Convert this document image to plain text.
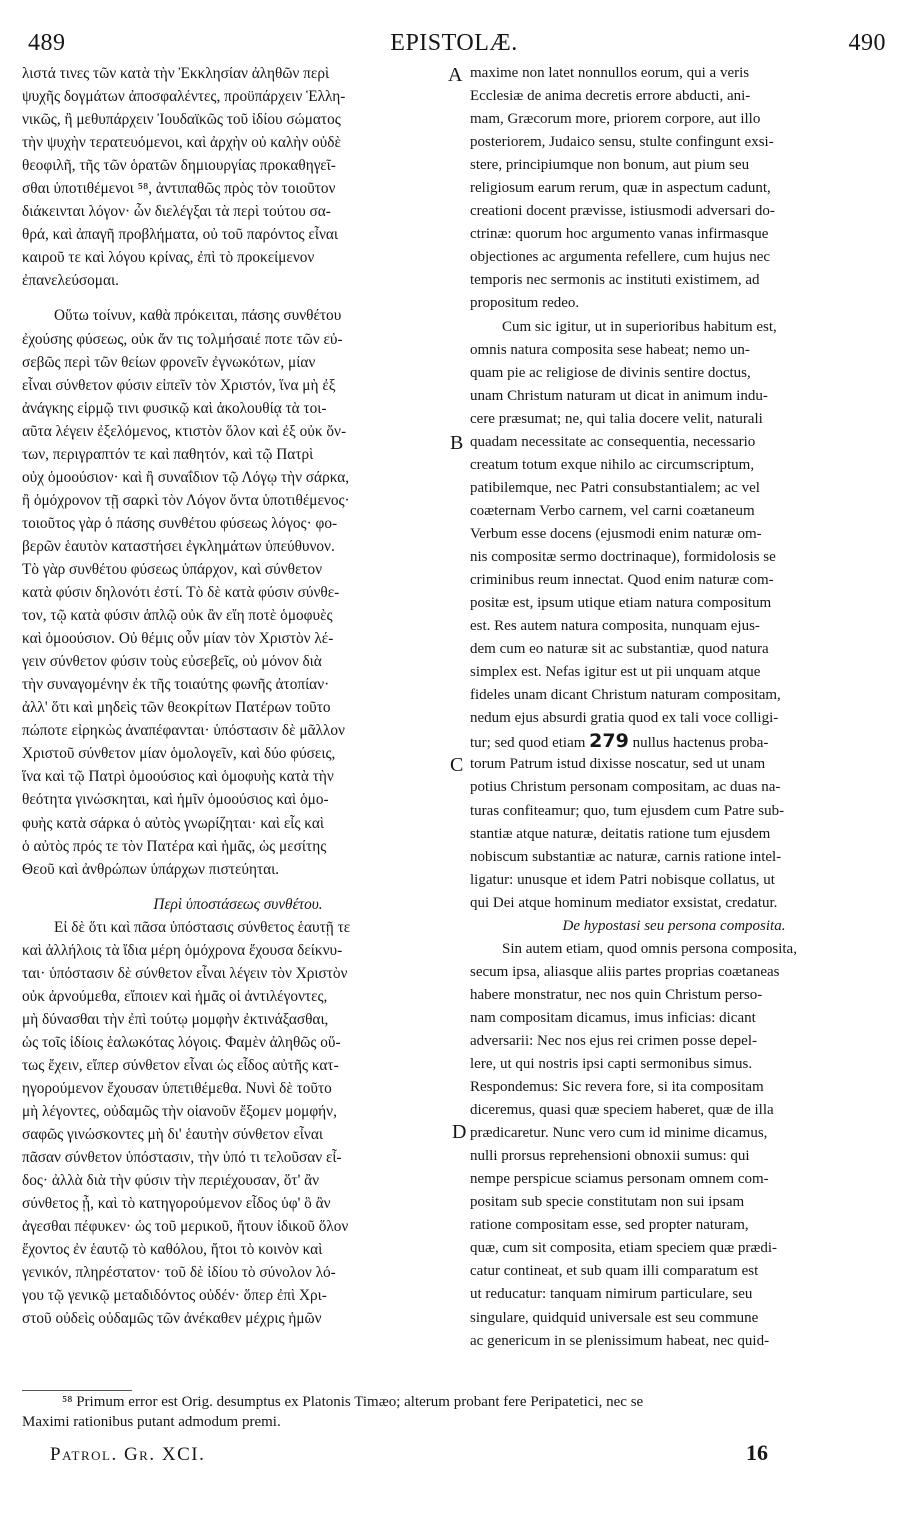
489	EPISTOLÆ.	490
A
B
C
D
λιστά τινες τῶν κατὰ τὴν Ἐκκλησίαν ἀληθῶν περὶ
ψυχῆς δογμάτων ἀποσφαλέντες, προϋπάρχειν Ἑλλη-
νικῶς, ἢ μεθυπάρχειν Ἰουδαϊκῶς τοῦ ἰδίου σώματος
τὴν ψυχὴν τερατευόμενοι, καὶ ἀρχὴν οὐ καλὴν οὐδὲ
θεοφιλῆ, τῆς τῶν ὁρατῶν δημιουργίας προκαθηγεῖ-
σθαι ὑποτιθέμενοι ⁵⁸, ἀντιπαθῶς πρὸς τὸν τοιοῦτον
διάκεινται λόγον· ὧν διελέγξαι τὰ περὶ τούτου σα-
θρά, καὶ ἀπαγῆ προβλήματα, οὐ τοῦ παρόντος εἶναι
καιροῦ τε καὶ λόγου κρίνας, ἐπὶ τὸ προκείμενον
ἐπανελεύσομαι.
Οὕτω τοίνυν, καθὰ πρόκειται, πάσης συνθέτου
ἐχούσης φύσεως, οὐκ ἄν τις τολμήσαιέ ποτε τῶν εὐ-
σεβῶς περὶ τῶν θείων φρονεῖν ἐγνωκότων, μίαν
εἶναι σύνθετον φύσιν εἰπεῖν τὸν Χριστόν, ἵνα μὴ ἐξ
ἀνάγκης εἱρμῷ τινι φυσικῷ καὶ ἀκολουθίᾳ τὰ τοι-
αῦτα λέγειν ἐξελόμενος, κτιστὸν ὅλον καὶ ἐξ οὐκ ὄν-
των, περιγραπτόν τε καὶ παθητόν, καὶ τῷ Πατρὶ
οὐχ ὁμοούσιον· καὶ ἢ συναΐδιον τῷ Λόγῳ τὴν σάρκα,
ἢ ὁμόχρονον τῇ σαρκὶ τὸν Λόγον ὄντα ὑποτιθέμενος·
τοιοῦτος γὰρ ὁ πάσης συνθέτου φύσεως λόγος· φο-
βερῶν ἑαυτὸν καταστήσει ἐγκλημάτων ὑπεύθυνον.
Τὸ γὰρ συνθέτου φύσεως ὑπάρχον, καὶ σύνθετον
κατὰ φύσιν δηλονότι ἐστί. Τὸ δὲ κατὰ φύσιν σύνθε-
τον, τῷ κατὰ φύσιν ἁπλῷ οὐκ ἂν εἴη ποτὲ ὁμοφυὲς
καὶ ὁμοούσιον. Οὐ θέμις οὖν μίαν τὸν Χριστὸν λέ-
γειν σύνθετον φύσιν τοὺς εὐσεβεῖς, οὐ μόνον διὰ
τὴν συναγομένην ἐκ τῆς τοιαύτης φωνῆς ἀτοπίαν·
ἀλλ' ὅτι καὶ μηδεὶς τῶν θεοκρίτων Πατέρων τοῦτο
πώποτε εἰρηκὼς ἀναπέφανται· ὑπόστασιν δὲ μᾶλλον
Χριστοῦ σύνθετον μίαν ὁμολογεῖν, καὶ δύο φύσεις,
ἵνα καὶ τῷ Πατρὶ ὁμοούσιος καὶ ὁμοφυὴς κατὰ τὴν
θεότητα γινώσκηται, καὶ ἡμῖν ὁμοούσιος καὶ ὁμο-
φυὴς κατὰ σάρκα ὁ αὐτὸς γνωρίζηται· καὶ εἷς καὶ
ὁ αὐτὸς πρός τε τὸν Πατέρα καὶ ἡμᾶς, ὡς μεσίτης
Θεοῦ καὶ ἀνθρώπων ὑπάρχων πιστεύηται.
Περὶ ὑποστάσεως συνθέτου.
Εἰ δὲ ὅτι καὶ πᾶσα ὑπόστασις σύνθετος ἑαυτῇ τε
καὶ ἀλλήλοις τὰ ἴδια μέρη ὁμόχρονα ἔχουσα δείκνυ-
ται· ὑπόστασιν δὲ σύνθετον εἶναι λέγειν τὸν Χριστὸν
οὐκ ἀρνούμεθα, εἴποιεν καὶ ἡμᾶς οἱ ἀντιλέγοντες,
μὴ δύνασθαι τὴν ἐπὶ τούτῳ μομφὴν ἐκτινάξασθαι,
ὡς τοῖς ἰδίοις ἑαλωκότας λόγοις. Φαμὲν ἀληθῶς οὕ-
τως ἔχειν, εἴπερ σύνθετον εἶναι ὡς εἶδος αὐτῆς κατ-
ηγορούμενον ἔχουσαν ὑπετιθέμεθα. Νυνὶ δὲ τοῦτο
μὴ λέγοντες, οὐδαμῶς τὴν οἱανοῦν ἔξομεν μομφήν,
σαφῶς γινώσκοντες μὴ δι' ἑαυτὴν σύνθετον εἶναι
πᾶσαν σύνθετον ὑπόστασιν, τὴν ὑπό τι τελοῦσαν εἶ-
δος· ἀλλὰ διὰ τὴν φύσιν τὴν περιέχουσαν, ὅτ' ἂν
σύνθετος ᾖ, καὶ τὸ κατηγορούμενον εἶδος ὑφ' ὃ ἂν
ἀγεσθαι πέφυκεν· ὡς τοῦ μερικοῦ, ἤτουν ἰδικοῦ ὅλον
ἔχοντος ἐν ἑαυτῷ τὸ καθόλου, ἤτοι τὸ κοινὸν καὶ
γενικόν, πληρέστατον· τοῦ δὲ ἰδίου τὸ σύνολον λό-
γου τῷ γενικῷ μεταδιδόντος οὐδέν· ὅπερ ἐπὶ Χρι-
στοῦ οὐδεὶς οὐδαμῶς τῶν ἀνέκαθεν μέχρις ἡμῶν
maxime non latet nonnullos eorum, qui a veris
Ecclesiæ de anima decretis errore abducti, ani-
mam, Græcorum more, priorem corpore, aut illo
posteriorem, Judaico sensu, stulte confingunt exsi-
stere, principiumque non bonum, aut pium seu
religiosum earum rerum, quæ in aspectum cadunt,
creationi docent prævisse, istiusmodi adversari do-
ctrinæ: quorum hoc argumento vanas infirmasque
objectiones ac argumenta refellere, cum hujus nec
temporis nec sermonis ac instituti existimem, ad
propositum redeo.
Cum sic igitur, ut in superioribus habitum est,
omnis natura composita sese habeat; nemo un-
quam pie ac religiose de divinis sentire doctus,
unam Christum naturam ut dicat in animum indu-
cere præsumat; ne, qui talia docere velit, naturali
quadam necessitate ac consequentia, necessario
creatum totum exque nihilo ac circumscriptum,
patibilemque, nec Patri consubstantialem; ac vel
coæternam Verbo carnem, vel carni coætaneum
Verbum esse docens (ejusmodi enim naturæ om-
nis compositæ sermo doctrinaque), formidolosis se
criminibus reum innectat. Quod enim naturæ com-
positæ est, ipsum utique etiam natura compositum
est. Res autem natura composita, nunquam ejus-
dem cum eo naturæ sit ac substantiæ, quod natura
simplex est. Nefas igitur est ut pii unquam atque
fideles unam dicant Christum naturam compositam,
nedum ejus absurdi gratia quod ex tali voce colligi-
tur; sed quod etiam 279 nullus hactenus proba-
torum Patrum istud dixisse noscatur, sed ut unam
potius Christum personam compositam, ac duas na-
turas confiteamur; quo, tum ejusdem cum Patre sub-
stantiæ atque naturæ, deitatis ratione tum ejusdem
nobiscum substantiæ ac naturæ, carnis ratione intel-
ligatur: unusque et idem Patri nobisque collatus, ut
qui Dei atque hominum mediator exsistat, credatur.
De hypostasi seu persona composita.
Sin autem etiam, quod omnis persona composita,
secum ipsa, aliasque aliis partes proprias coætaneas
habere monstratur, nec nos quin Christum perso-
nam compositam dicamus, imus inficias: dicant
adversarii: Nec nos ejus rei crimen posse depel-
lere, ut qui nostris ipsi capti sermonibus simus.
Respondemus: Sic revera fore, si ita compositam
diceremus, quasi quæ speciem haberet, quæ de illa
prædicaretur. Nunc vero cum id minime dicamus,
nulli prorsus reprehensioni obnoxii sumus: qui
nempe perspicue sciamus personam omnem com-
positam sub specie constitutam non sui ipsam
ratione compositam esse, sed propter naturam,
quæ, cum sit composita, etiam speciem quæ prædi-
catur contineat, et sub quam illi comparatum est
ut reducatur: tanquam nimirum particulare, seu
singulare, quidquid universale est seu commune
ac genericum in se plenissimum habeat, nec quid-
⁵⁸ Primum error est Orig. desumptus ex Platonis Timæo; alterum probant fere Peripatetici, nec se
Maximi rationibus putant admodum premi.
Patrol. Gr. XCI.	16
